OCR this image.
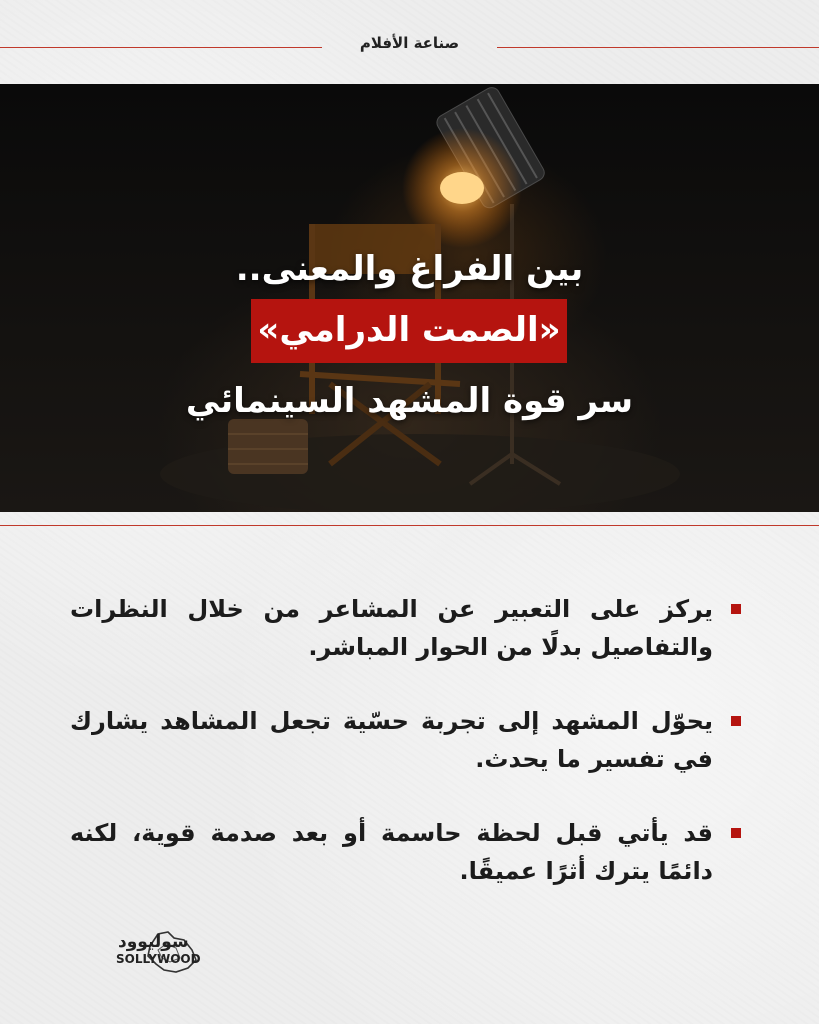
صناعة الأفلام
بين الفراغ والمعنى..
«الصمت الدرامي»
سر قوة المشهد السينمائي
يركز على التعبير عن المشاعر من خلال النظرات والتفاصيل بدلًا من الحوار المباشر.
يحوّل المشهد إلى تجربة حسّية تجعل المشاهد يشارك في تفسير ما يحدث.
قد يأتي قبل لحظة حاسمة أو بعد صدمة قوية، لكنه دائمًا يترك أثرًا عميقًا.
سوليوود
SOLLYWOOD
